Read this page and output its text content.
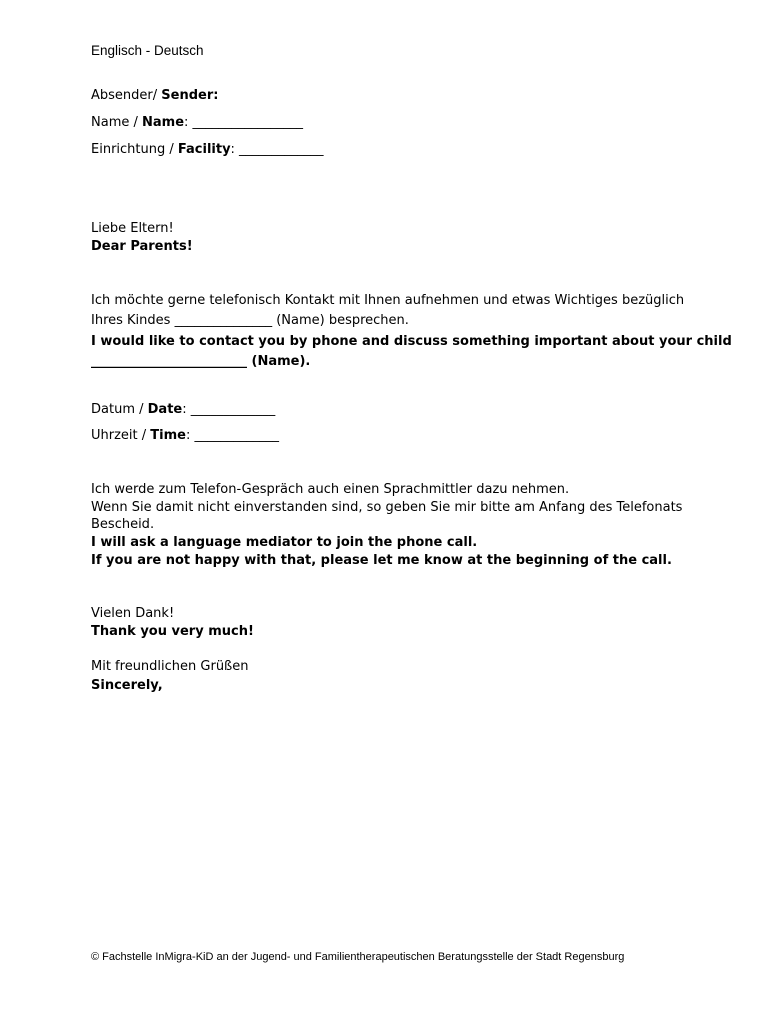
Englisch - Deutsch
Absender/ Sender:
Name / Name: _________________
Einrichtung / Facility: _____________
Liebe Eltern!
Dear Parents!
Ich möchte gerne telefonisch Kontakt mit Ihnen aufnehmen und etwas Wichtiges bezüglich
Ihres Kindes _______________ (Name) besprechen.
I would like to contact you by phone and discuss something important about your child
________________________ (Name).
Datum / Date: _____________
Uhrzeit / Time: _____________
Ich werde zum Telefon-Gespräch auch einen Sprachmittler dazu nehmen.
Wenn Sie damit nicht einverstanden sind, so geben Sie mir bitte am Anfang des Telefonats
Bescheid.
I will ask a language mediator to join the phone call.
If you are not happy with that, please let me know at the beginning of the call.
Vielen Dank!
Thank you very much!
Mit freundlichen Grüßen
Sincerely,
© Fachstelle InMigra-KiD an der Jugend- und Familientherapeutischen Beratungsstelle der Stadt Regensburg
